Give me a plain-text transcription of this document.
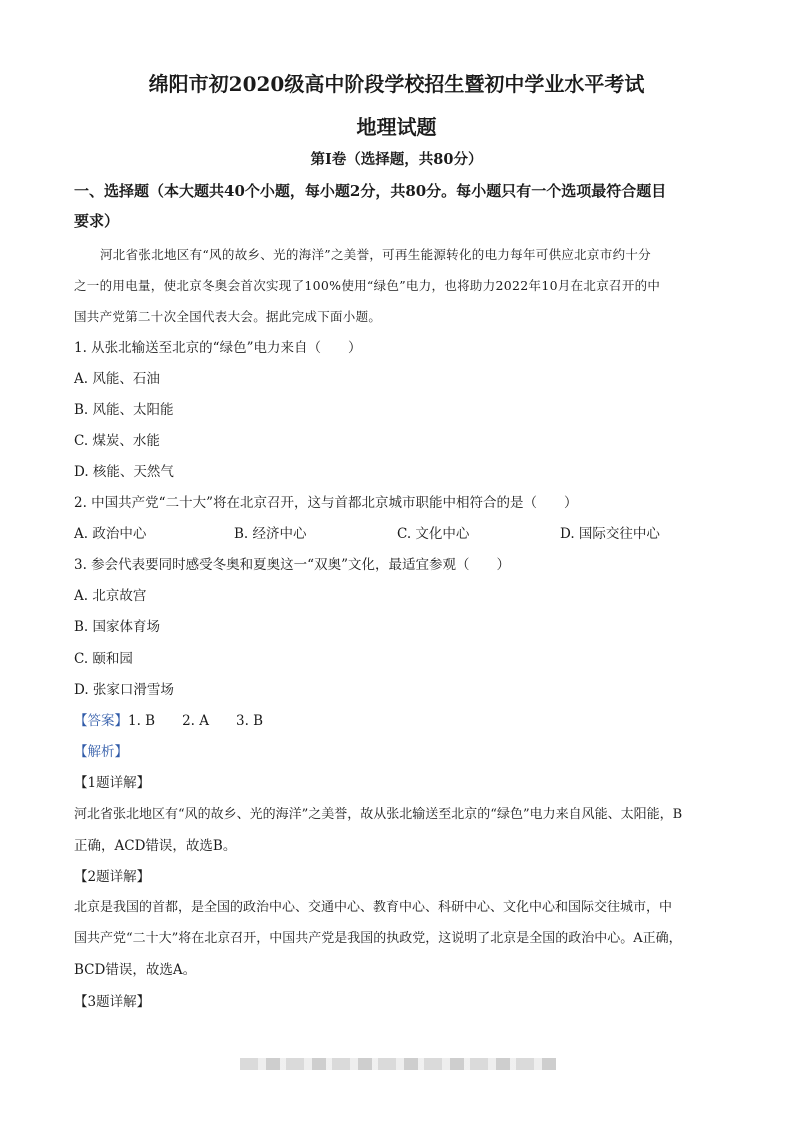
绵阳市初2020级高中阶段学校招生暨初中学业水平考试
地理试题
第Ⅰ卷（选择题，共80分）
一、选择题（本大题共40个小题，每小题2分，共80分。每小题只有一个选项最符合题目
要求）
河北省张北地区有“风的故乡、光的海洋”之美誉，可再生能源转化的电力每年可供应北京市约十分
之一的用电量，使北京冬奥会首次实现了100%使用“绿色”电力，也将助力2022年10月在北京召开的中
国共产党第二十次全国代表大会。据此完成下面小题。
1. 从张北输送至北京的“绿色”电力来自（　　）
A. 风能、石油
B. 风能、太阳能
C. 煤炭、水能
D. 核能、天然气
2. 中国共产党“二十大”将在北京召开，这与首都北京城市职能中相符合的是（　　）
A. 政治中心	B. 经济中心	C. 文化中心	D. 国际交往中心
3. 参会代表要同时感受冬奥和夏奥这一“双奥”文化，最适宜参观（　　）
A. 北京故宫
B. 国家体育场
C. 颐和园
D. 张家口滑雪场
【答案】1. B　　2. A　　3. B
【解析】
【1题详解】
河北省张北地区有“风的故乡、光的海洋”之美誉，故从张北输送至北京的“绿色”电力来自风能、太阳能，B
正确，ACD错误，故选B。
【2题详解】
北京是我国的首都，是全国的政治中心、交通中心、教育中心、科研中心、文化中心和国际交往城市，中
国共产党“二十大”将在北京召开，中国共产党是我国的执政党，这说明了北京是全国的政治中心。A正确，
BCD错误，故选A。
【3题详解】
